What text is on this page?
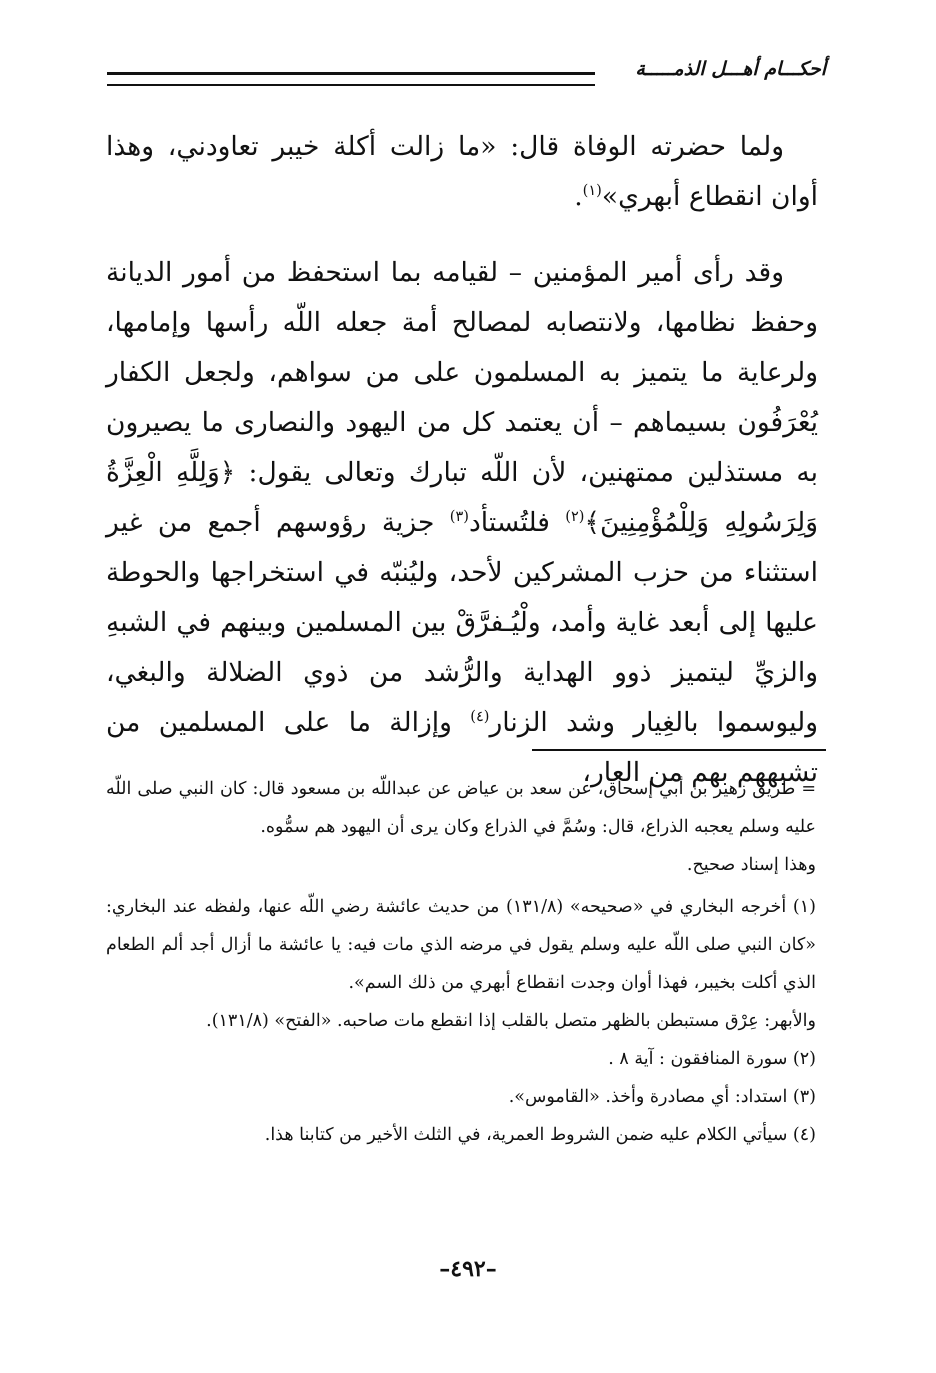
أحكـــام أهـــل الذمـــــة

ولما حضرته الوفاة قال: «ما زالت أكلة خيبر تعاودني، وهذا أوان انقطاع أبهري»$^{(١)}$.

وقد رأى أمير المؤمنين – لقيامه بما استحفظ من أمور الديانة وحفظ نظامها، ولانتصابه لمصالح أمة جعله اللّه رأسها وإمامها، ولرعاية ما يتميز به المسلمون على من سواهم، ولجعل الكفار يُعْرَفُون بسيماهم – أن يعتمد كل من اليهود والنصارى ما يصيرون به مستذلين ممتهنين، لأن اللّه تبارك وتعالى يقول: ﴿وَلِلَّهِ الْعِزَّةُ وَلِرَسُولِهِ وَلِلْمُؤْمِنِينَ﴾$^{(٢)}$ فلتُستأد$^{(٣)}$ جزية رؤوسهم أجمع من غير استثناء من حزب المشركين لأحد، وليُنبّه في استخراجها والحوطة عليها إلى أبعد غاية وأمد، ولْيُـفرَّقْ بين المسلمين وبينهم في الشبهِ والزيِّ ليتميز ذوو الهداية والرُّشد من ذوي الضلالة والبغي، وليوسموا بالغِيار وشد الزنار$^{(٤)}$ وإزالة ما على المسلمين من تشبههم بهم من العار،

= طريق زهير بن أبي إسحاق، عن سعد بن عياض عن عبداللّه بن مسعود قال: كان النبي صلى اللّه عليه وسلم يعجبه الذراع، قال: وسُمَّ في الذراع وكان يرى أن اليهود هم سمُّوه.

وهذا إسناد صحيح.

(١) أخرجه البخاري في «صحيحه» (١٣١/٨) من حديث عائشة رضي اللّه عنها، ولفظه عند البخاري: «كان النبي صلى اللّه عليه وسلم يقول في مرضه الذي مات فيه: يا عائشة ما أزال أجد ألم الطعام الذي أكلت بخيبر، فهذا أوان وجدت انقطاع أبهري من ذلك السم».

والأبهر: عِرْق مستبطن بالظهر متصل بالقلب إذا انقطع مات صاحبه. «الفتح» (١٣١/٨).

(٢) سورة المنافقون : آية ٨ .

(٣) استداد: أي مصادرة وأخذ. «القاموس».

(٤) سيأتي الكلام عليه ضمن الشروط العمرية، في الثلث الأخير من كتابنا هذا.

–٤٩٢–
